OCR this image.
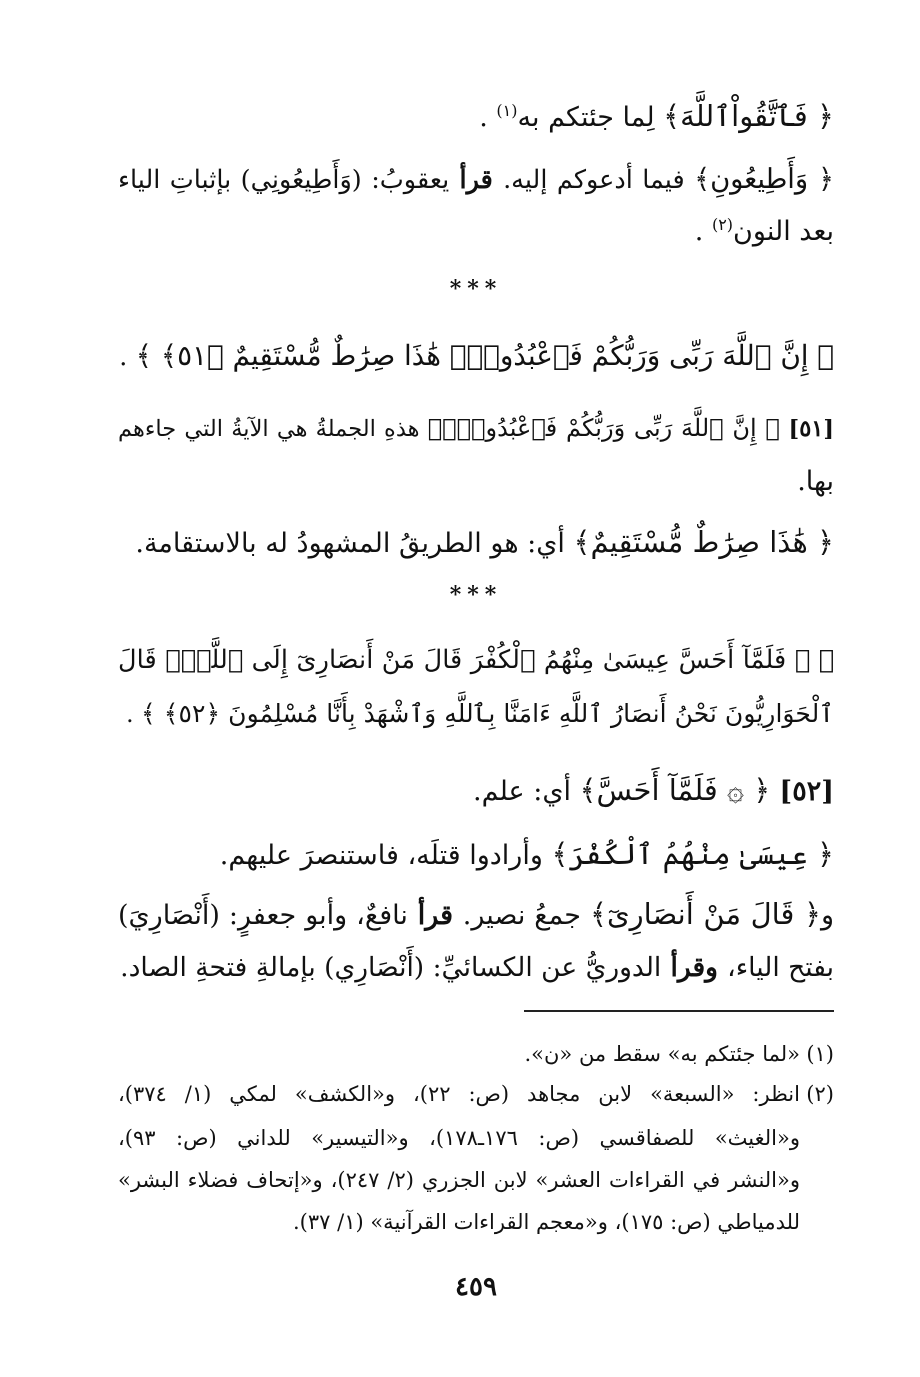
﴿ فَٱتَّقُواْٱللَّهَ﴾ لِما جئتكم به$^{(١)}$ .
﴿ وَأَطِيعُونِ﴾ فيما أدعوكم إليه. قرأ يعقوبُ: (وَأَطِيعُونِي) بإثباتِ الياء
بعد النون$^{(٢)}$ .
***
﴿ إِنَّ ٱللَّهَ رَبِّى وَرَبُّكُمْ فَٱعْبُدُوهُۚ هَٰذَا صِرَٰطٌ مُّسْتَقِيمٌ ﴿٥١﴾ ﴾ .
[٥١] ﴿ إِنَّ ٱللَّهَ رَبِّى وَرَبُّكُمْ فَٱعْبُدُوهُۚ﴾ هذهِ الجملةُ هي الآيةُ التي جاءهم
بها.
﴿ هَٰذَا صِرَٰطٌ مُّسْتَقِيمٌ﴾ أي: هو الطريقُ المشهودُ له بالاستقامة.
***
﴿ ۞ فَلَمَّآ أَحَسَّ عِيسَىٰ مِنْهُمُ ٱلْكُفْرَ قَالَ مَنْ أَنصَارِىٓ إِلَى ٱللَّهِۖ قَالَ
ٱلْحَوَارِيُّونَ نَحْنُ أَنصَارُ ٱللَّهِ ءَامَنَّا بِٱللَّهِ وَٱشْهَدْ بِأَنَّا مُسْلِمُونَ ﴿٥٢﴾ ﴾ .
[٥٢] ﴿ ۞ فَلَمَّآ أَحَسَّ﴾ أي: علم.
﴿ عِيسَىٰ مِنْهُمُ ٱلْكُفْرَ﴾ وأرادوا قتلَه، فاستنصرَ عليهم.
و﴿ قَالَ مَنْ أَنصَارِىٓ﴾ جمعُ نصير. قرأ نافعٌ، وأبو جعفرٍ: (أَنْصَارِيَ)
بفتح الياء، وقرأ الدوريُّ عن الكسائيِّ: (أَنْصَارِي) بإمالةِ فتحةِ الصاد.
(١)«لما جئتكم به» سقط من «ن».
(٢)انظر: «السبعة» لابن مجاهد (ص: ٢٢)، و«الكشف» لمكي (١/ ٣٧٤)،
و«الغيث» للصفاقسي (ص: ١٧٦ـ١٧٨)، و«التيسير» للداني (ص: ٩٣)،
و«النشر في القراءات العشر» لابن الجزري (٢/ ٢٤٧)، و«إتحاف فضلاء البشر»
للدمياطي (ص: ١٧٥)، و«معجم القراءات القرآنية» (١/ ٣٧).
٤٥٩
